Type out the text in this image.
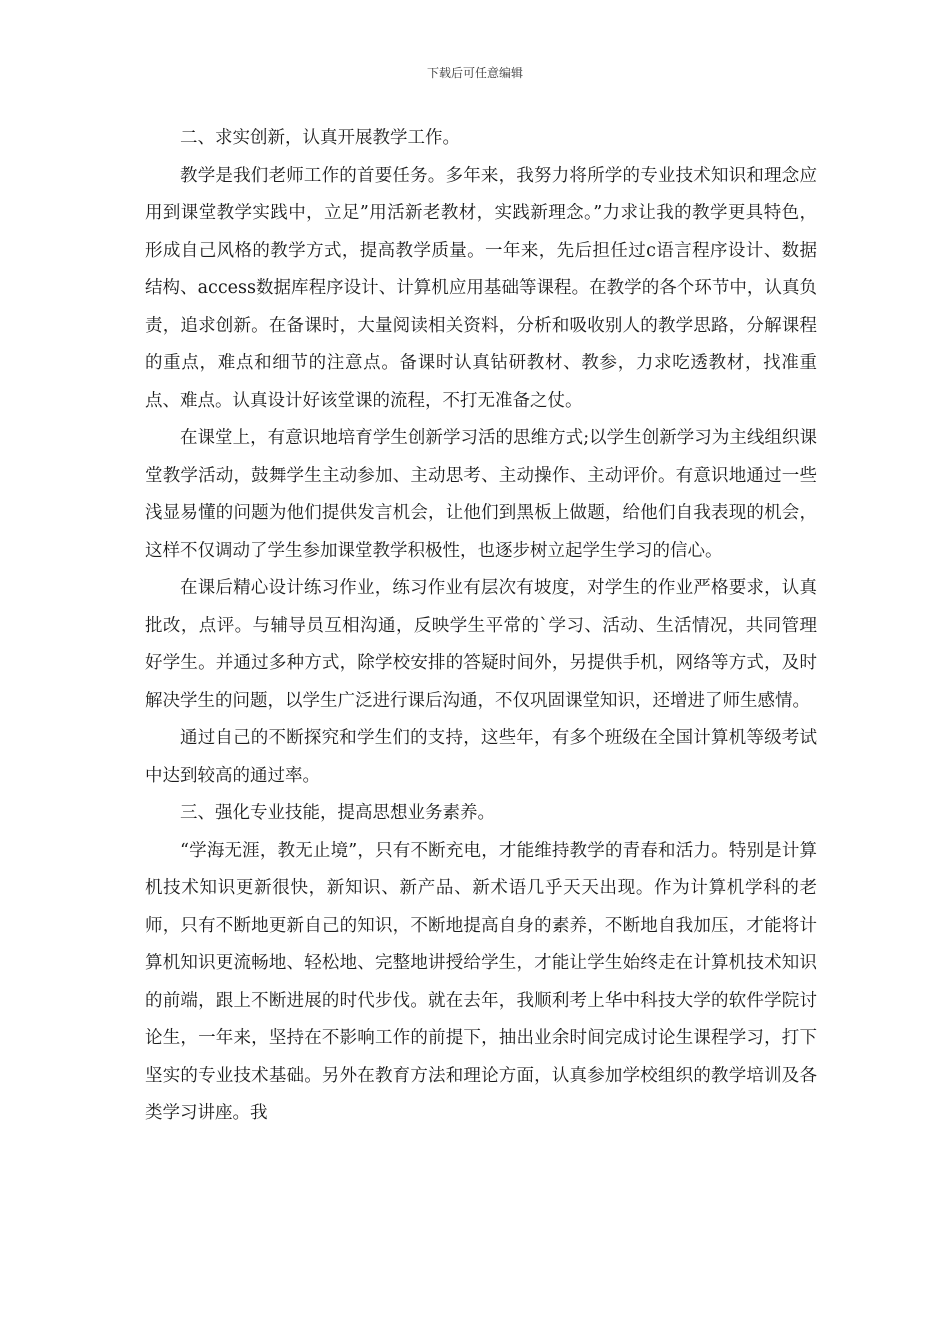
下载后可任意编辑

二、求实创新，认真开展教学工作。

教学是我们老师工作的首要任务。多年来，我努力将所学的专业技术知识和理念应用到课堂教学实践中，立足”用活新老教材，实践新理念。”力求让我的教学更具特色，形成自己风格的教学方式，提高教学质量。一年来，先后担任过c语言程序设计、数据结构、access数据库程序设计、计算机应用基础等课程。在教学的各个环节中，认真负责，追求创新。在备课时，大量阅读相关资料，分析和吸收别人的教学思路，分解课程的重点，难点和细节的注意点。备课时认真钻研教材、教参，力求吃透教材，找准重点、难点。认真设计好该堂课的流程，不打无准备之仗。

在课堂上，有意识地培育学生创新学习活的思维方式;以学生创新学习为主线组织课堂教学活动，鼓舞学生主动参加、主动思考、主动操作、主动评价。有意识地通过一些浅显易懂的问题为他们提供发言机会，让他们到黑板上做题，给他们自我表现的机会，这样不仅调动了学生参加课堂教学积极性，也逐步树立起学生学习的信心。

在课后精心设计练习作业，练习作业有层次有坡度，对学生的作业严格要求，认真批改，点评。与辅导员互相沟通，反映学生平常的`学习、活动、生活情况，共同管理好学生。并通过多种方式，除学校安排的答疑时间外，另提供手机，网络等方式，及时解决学生的问题，以学生广泛进行课后沟通，不仅巩固课堂知识，还增进了师生感情。

通过自己的不断探究和学生们的支持，这些年，有多个班级在全国计算机等级考试中达到较高的通过率。

三、强化专业技能，提高思想业务素养。

“学海无涯，教无止境”，只有不断充电，才能维持教学的青春和活力。特别是计算机技术知识更新很快，新知识、新产品、新术语几乎天天出现。作为计算机学科的老师，只有不断地更新自己的知识，不断地提高自身的素养，不断地自我加压，才能将计算机知识更流畅地、轻松地、完整地讲授给学生，才能让学生始终走在计算机技术知识的前端，跟上不断进展的时代步伐。就在去年，我顺利考上华中科技大学的软件学院讨论生，一年来，坚持在不影响工作的前提下，抽出业余时间完成讨论生课程学习，打下坚实的专业技术基础。另外在教育方法和理论方面，认真参加学校组织的教学培训及各类学习讲座。我
